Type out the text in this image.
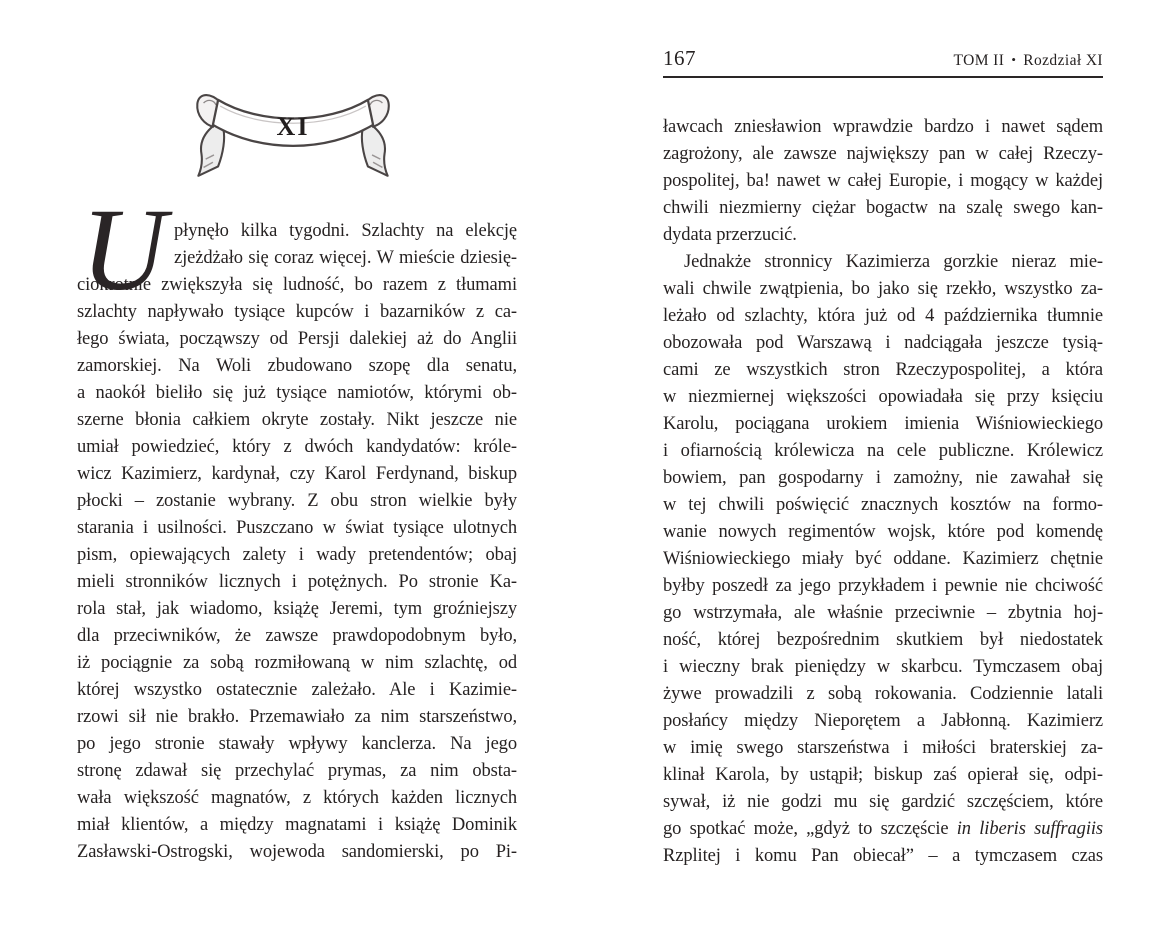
167	TOM II • Rozdział XI
XI
U płynęło kilka tygodni. Szlachty na elekcję
zjeżdżało się coraz więcej. W mieście dziesię-
ciokrotnie zwiększyła się ludność, bo razem z tłumami
szlachty napływało tysiące kupców i bazarników z ca-
łego świata, począwszy od Persji dalekiej aż do Anglii
zamorskiej. Na Woli zbudowano szopę dla senatu,
a naokół bieliło się już tysiące namiotów, którymi ob-
szerne błonia całkiem okryte zostały. Nikt jeszcze nie
umiał powiedzieć, który z dwóch kandydatów: króle-
wicz Kazimierz, kardynał, czy Karol Ferdynand, biskup
płocki – zostanie wybrany. Z obu stron wielkie były
starania i usilności. Puszczano w świat tysiące ulotnych
pism, opiewających zalety i wady pretendentów; obaj
mieli stronników licznych i potężnych. Po stronie Ka-
rola stał, jak wiadomo, książę Jeremi, tym groźniejszy
dla przeciwników, że zawsze prawdopodobnym było,
iż pociągnie za sobą rozmiłowaną w nim szlachtę, od
której wszystko ostatecznie zależało. Ale i Kazimie-
rzowi sił nie brakło. Przemawiało za nim starszeństwo,
po jego stronie stawały wpływy kanclerza. Na jego
stronę zdawał się przechylać prymas, za nim obsta-
wała większość magnatów, z których każden licznych
miał klientów, a między magnatami i książę Dominik
Zasławski-Ostrogski, wojewoda sandomierski, po Pi-
ławcach zniesławion wprawdzie bardzo i nawet sądem
zagrożony, ale zawsze największy pan w całej Rzeczy-
pospolitej, ba! nawet w całej Europie, i mogący w każdej
chwili niezmierny ciężar bogactw na szalę swego kan-
dydata przerzucić.
Jednakże stronnicy Kazimierza gorzkie nieraz mie-
wali chwile zwątpienia, bo jako się rzekło, wszystko za-
leżało od szlachty, która już od 4 października tłumnie
obozowała pod Warszawą i nadciągała jeszcze tysią-
cami ze wszystkich stron Rzeczypospolitej, a która
w niezmiernej większości opowiadała się przy księciu
Karolu, pociągana urokiem imienia Wiśniowieckiego
i ofiarnością królewicza na cele publiczne. Królewicz
bowiem, pan gospodarny i zamożny, nie zawahał się
w tej chwili poświęcić znacznych kosztów na formo-
wanie nowych regimentów wojsk, które pod komendę
Wiśniowieckiego miały być oddane. Kazimierz chętnie
byłby poszedł za jego przykładem i pewnie nie chciwość
go wstrzymała, ale właśnie przeciwnie – zbytnia hoj-
ność, której bezpośrednim skutkiem był niedostatek
i wieczny brak pieniędzy w skarbcu. Tymczasem obaj
żywe prowadzili z sobą rokowania. Codziennie latali
posłańcy między Nieporętem a Jabłonną. Kazimierz
w imię swego starszeństwa i miłości braterskiej za-
klinał Karola, by ustąpił; biskup zaś opierał się, odpi-
sywał, iż nie godzi mu się gardzić szczęściem, które
go spotkać może, „gdyż to szczęście in liberis suffragiis
Rzplitej i komu Pan obiecał” – a tymczasem czas
